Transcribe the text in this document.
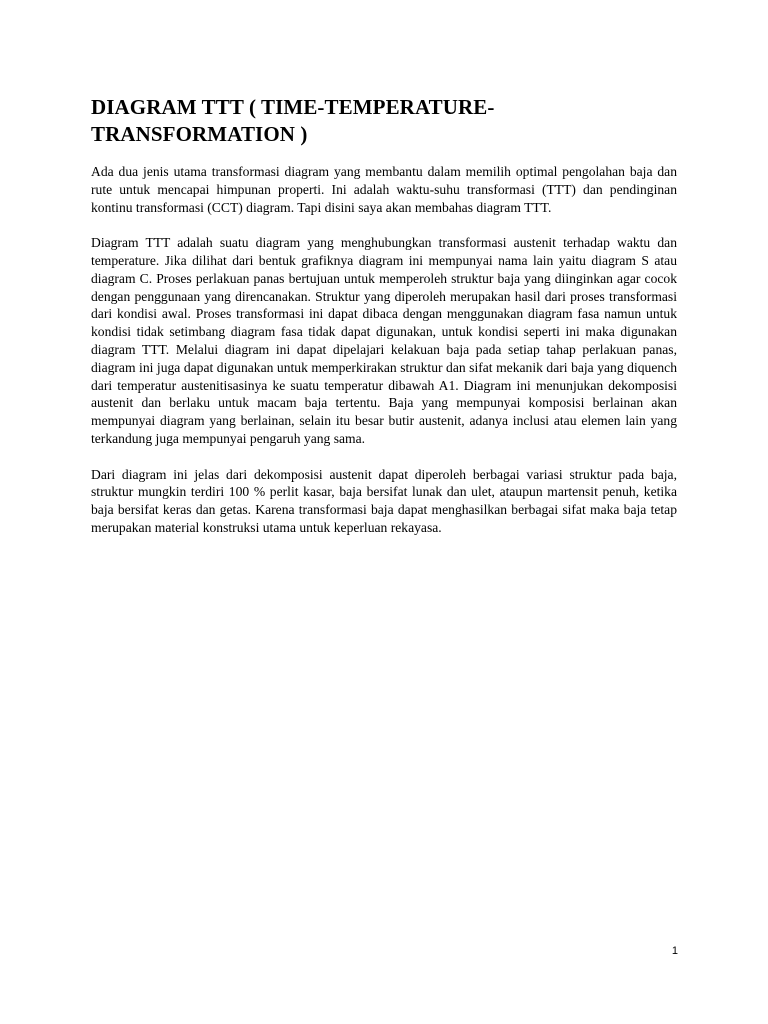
DIAGRAM TTT ( TIME-TEMPERATURE-TRANSFORMATION )

Ada dua jenis utama transformasi diagram yang membantu dalam memilih optimal pengolahan baja dan rute untuk mencapai himpunan properti. Ini adalah waktu-suhu transformasi (TTT) dan pendinginan kontinu transformasi (CCT) diagram. Tapi disini saya akan membahas diagram TTT.

Diagram TTT adalah suatu diagram yang menghubungkan transformasi austenit terhadap waktu dan temperature. Jika dilihat dari bentuk grafiknya diagram ini mempunyai nama lain yaitu diagram S atau diagram C. Proses perlakuan panas bertujuan untuk memperoleh struktur baja yang diinginkan agar cocok dengan penggunaan yang direncanakan. Struktur yang diperoleh merupakan hasil dari proses transformasi dari kondisi awal. Proses transformasi ini dapat dibaca dengan menggunakan diagram fasa namun untuk kondisi tidak setimbang diagram fasa tidak dapat digunakan, untuk kondisi seperti ini maka digunakan diagram TTT. Melalui diagram ini dapat dipelajari kelakuan baja pada setiap tahap perlakuan panas, diagram ini juga dapat digunakan untuk memperkirakan struktur dan sifat mekanik dari baja yang diquench dari temperatur austenitisasinya ke suatu temperatur dibawah A1. Diagram ini menunjukan dekomposisi austenit dan berlaku untuk macam baja tertentu. Baja yang mempunyai komposisi berlainan akan mempunyai diagram yang berlainan, selain itu besar butir austenit, adanya inclusi atau elemen lain yang terkandung juga mempunyai pengaruh yang sama.

Dari diagram ini jelas dari dekomposisi austenit dapat diperoleh berbagai variasi struktur pada baja, struktur mungkin terdiri 100 % perlit kasar, baja bersifat lunak dan ulet, ataupun martensit penuh, ketika baja bersifat keras dan getas. Karena transformasi baja dapat menghasilkan berbagai sifat maka baja tetap merupakan material konstruksi utama untuk keperluan rekayasa.

1
